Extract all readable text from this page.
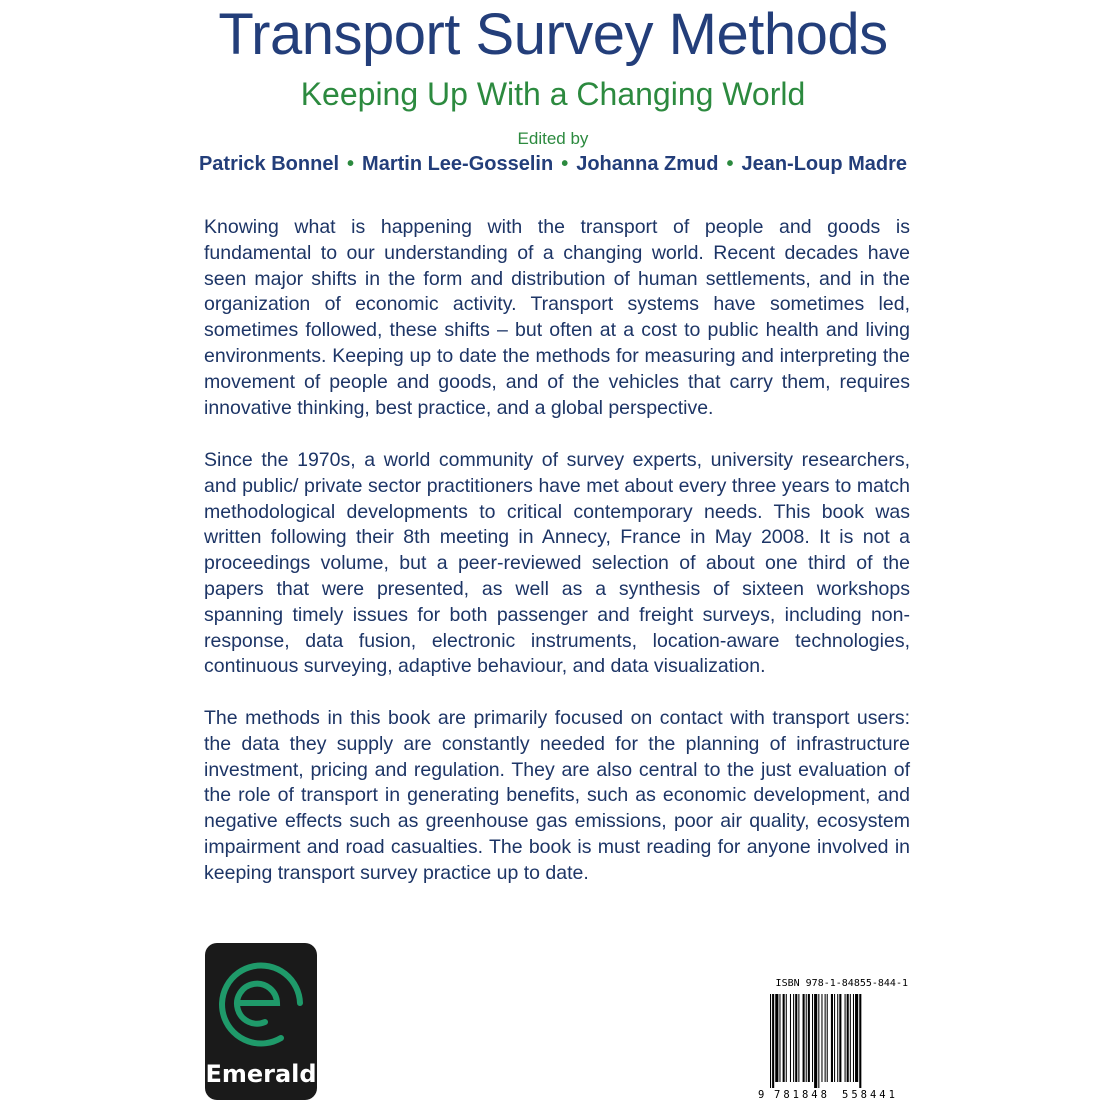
Transport Survey Methods
Keeping Up With a Changing World
Edited by
Patrick Bonnel • Martin Lee-Gosselin • Johanna Zmud • Jean-Loup Madre

Knowing what is happening with the transport of people and goods is fundamental to our understanding of a changing world. Recent decades have seen major shifts in the form and distribution of human settlements, and in the organization of economic activity. Transport systems have sometimes led, sometimes followed, these shifts – but often at a cost to public health and living environments. Keeping up to date the methods for measuring and interpreting the movement of people and goods, and of the vehicles that carry them, requires innovative thinking, best practice, and a global perspective.

Since the 1970s, a world community of survey experts, university researchers, and public/ private sector practitioners have met about every three years to match methodological developments to critical contemporary needs. This book was written following their 8th meeting in Annecy, France in May 2008. It is not a proceedings volume, but a peer-reviewed selection of about one third of the papers that were presented, as well as a synthesis of sixteen workshops spanning timely issues for both passenger and freight surveys, including non-response, data fusion, electronic instruments, location-aware technologies, continuous surveying, adaptive behaviour, and data visualization.

The methods in this book are primarily focused on contact with transport users: the data they supply are constantly needed for the planning of infrastructure investment, pricing and regulation. They are also central to the just evaluation of the role of transport in generating benefits, such as economic development, and negative effects such as greenhouse gas emissions, poor air quality, ecosystem impairment and road casualties. The book is must reading for anyone involved in keeping transport survey practice up to date.

Emerald
ISBN 978-1-84855-844-1
9 781848 558441
